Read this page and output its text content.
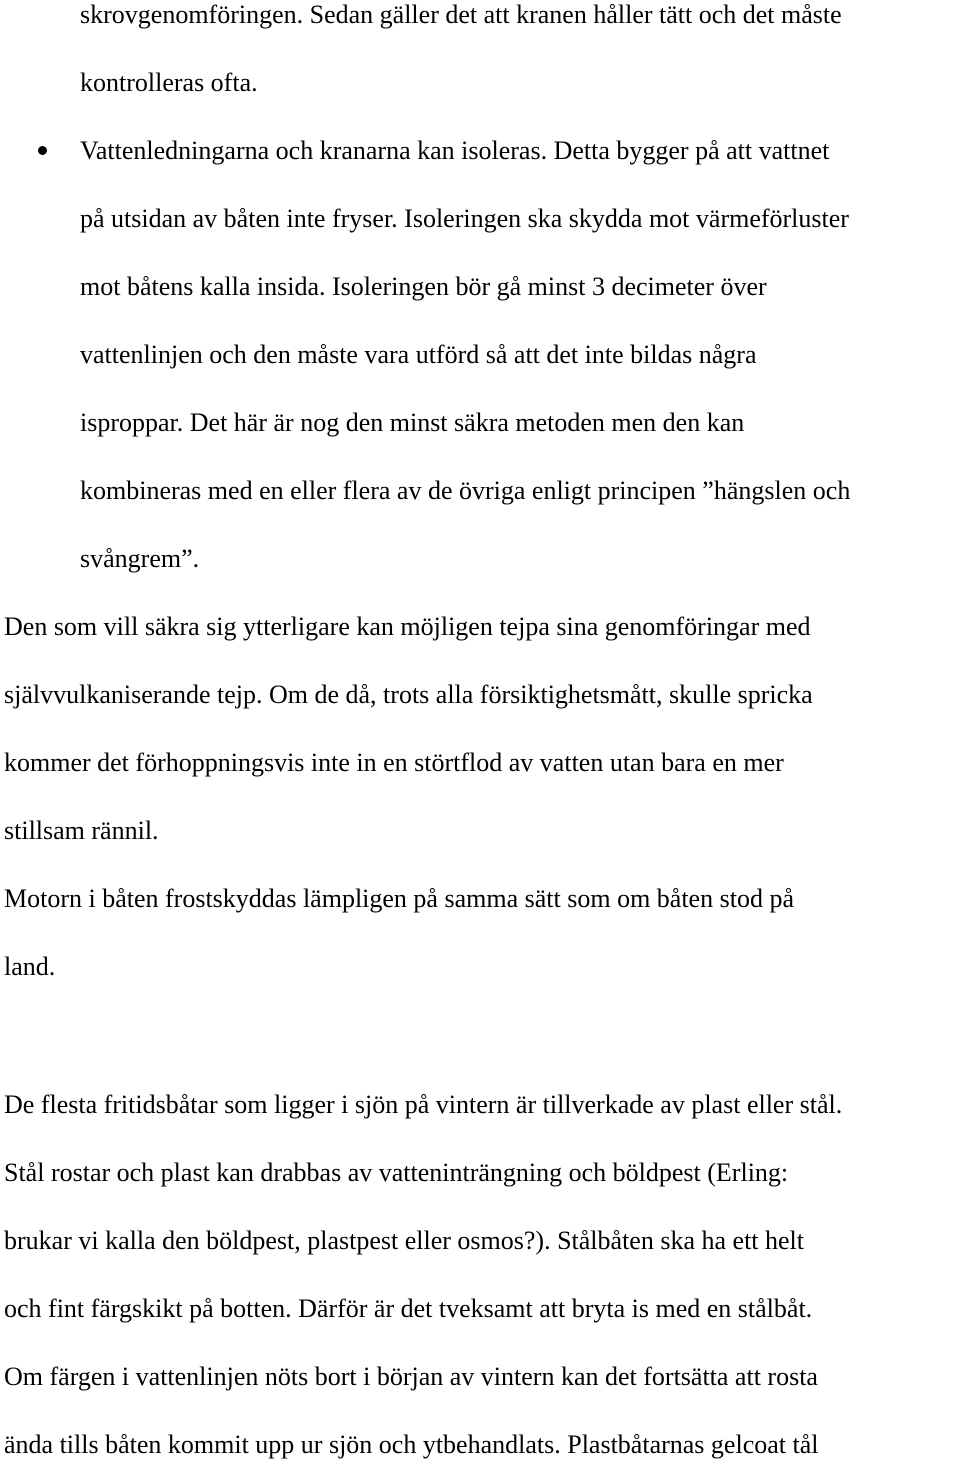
skrovgenomföringen. Sedan gäller det att kranen håller tätt och det måste
kontrolleras ofta.
Vattenledningarna och kranarna kan isoleras. Detta bygger på att vattnet
på utsidan av båten inte fryser. Isoleringen ska skydda mot värmeförluster
mot båtens kalla insida. Isoleringen bör gå minst 3 decimeter över
vattenlinjen och den måste vara utförd så att det inte bildas några
isproppar. Det här är nog den minst säkra metoden men den kan
kombineras med en eller flera av de övriga enligt principen ”hängslen och
svångrem”.
Den som vill säkra sig ytterligare kan möjligen tejpa sina genomföringar med
självvulkaniserande tejp. Om de då, trots alla försiktighetsmått, skulle spricka
kommer det förhoppningsvis inte in en störtflod av vatten utan bara en mer
stillsam rännil.
Motorn i båten frostskyddas lämpligen på samma sätt som om båten stod på
land.
De flesta fritidsbåtar som ligger i sjön på vintern är tillverkade av plast eller stål.
Stål rostar och plast kan drabbas av vatteninträngning och böldpest (Erling:
brukar vi kalla den böldpest, plastpest eller osmos?). Stålbåten ska ha ett helt
och fint färgskikt på botten. Därför är det tveksamt att bryta is med en stålbåt.
Om färgen i vattenlinjen nöts bort i början av vintern kan det fortsätta att rosta
ända tills båten kommit upp ur sjön och ytbehandlats. Plastbåtarnas gelcoat tål
